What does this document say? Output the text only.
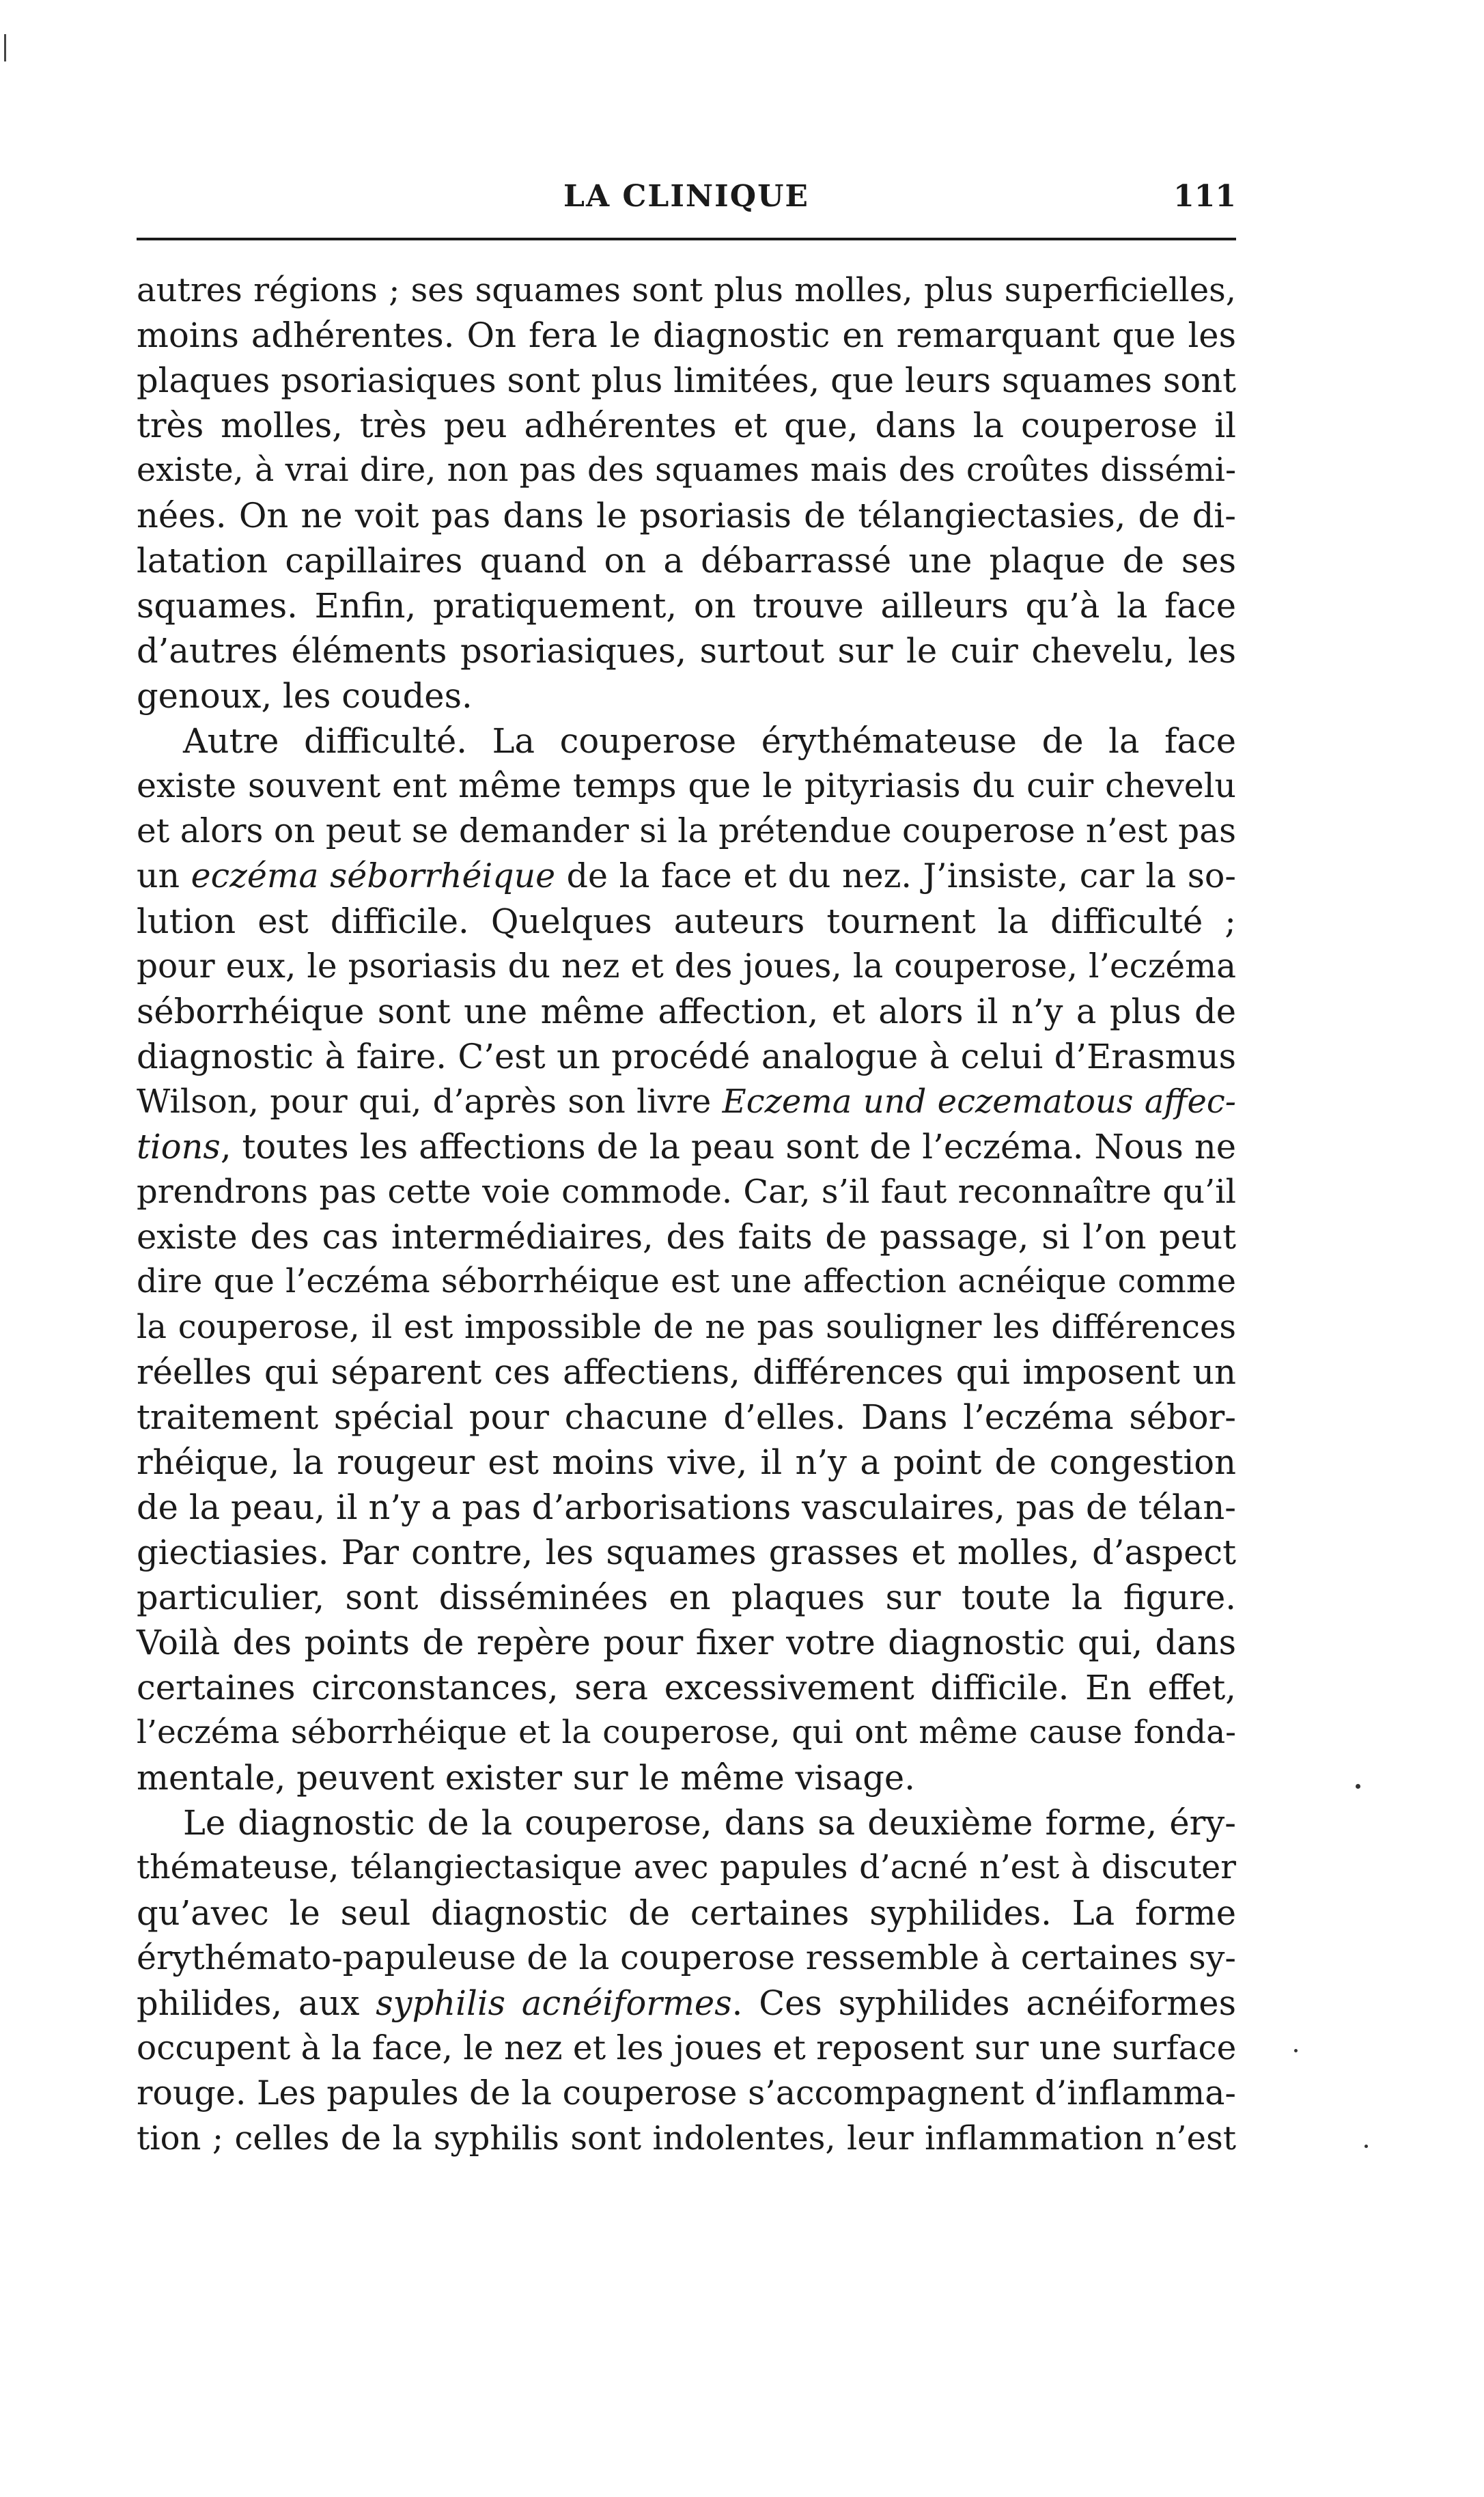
LA CLINIQUE	111
autres régions ; ses squames sont plus molles, plus superficielles,
moins adhérentes. On fera le diagnostic en remarquant que les
plaques psoriasiques sont plus limitées, que leurs squames sont
très molles, très peu adhérentes et que, dans la couperose il
existe, à vrai dire, non pas des squames mais des croûtes dissémi-
nées. On ne voit pas dans le psoriasis de télangiectasies, de di-
latation capillaires quand on a débarrassé une plaque de ses
squames. Enfin, pratiquement, on trouve ailleurs qu’à la face
d’autres éléments psoriasiques, surtout sur le cuir chevelu, les
genoux, les coudes.
Autre difficulté. La couperose érythémateuse de la face
existe souvent ent même temps que le pityriasis du cuir chevelu
et alors on peut se demander si la prétendue couperose n’est pas
un eczéma séborrhéique de la face et du nez. J’insiste, car la so-
lution est difficile. Quelques auteurs tournent la difficulté ;
pour eux, le psoriasis du nez et des joues, la couperose, l’eczéma
séborrhéique sont une même affection, et alors il n’y a plus de
diagnostic à faire. C’est un procédé analogue à celui d’Erasmus
Wilson, pour qui, d’après son livre Eczema und eczematous affec-
tions, toutes les affections de la peau sont de l’eczéma. Nous ne
prendrons pas cette voie commode. Car, s’il faut reconnaître qu’il
existe des cas intermédiaires, des faits de passage, si l’on peut
dire que l’eczéma séborrhéique est une affection acnéique comme
la couperose, il est impossible de ne pas souligner les différences
réelles qui séparent ces affectiens, différences qui imposent un
traitement spécial pour chacune d’elles. Dans l’eczéma sébor-
rhéique, la rougeur est moins vive, il n’y a point de congestion
de la peau, il n’y a pas d’arborisations vasculaires, pas de télan-
giectiasies. Par contre, les squames grasses et molles, d’aspect
particulier, sont disséminées en plaques sur toute la figure.
Voilà des points de repère pour fixer votre diagnostic qui, dans
certaines circonstances, sera excessivement difficile. En effet,
l’eczéma séborrhéique et la couperose, qui ont même cause fonda-
mentale, peuvent exister sur le même visage.
Le diagnostic de la couperose, dans sa deuxième forme, éry-
thémateuse, télangiectasique avec papules d’acné n’est à discuter
qu’avec le seul diagnostic de certaines syphilides. La forme
érythémato-papuleuse de la couperose ressemble à certaines sy-
philides, aux syphilis acnéiformes. Ces syphilides acnéiformes
occupent à la face, le nez et les joues et reposent sur une surface
rouge. Les papules de la couperose s’accompagnent d’inflamma-
tion ; celles de la syphilis sont indolentes, leur inflammation n’est
